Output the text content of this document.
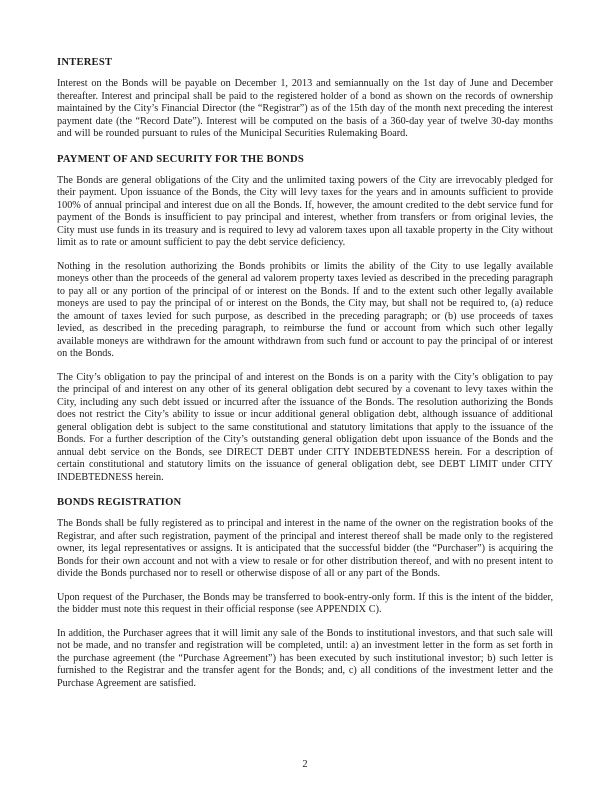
INTEREST

Interest on the Bonds will be payable on December 1, 2013 and semiannually on the 1st day of June and December thereafter. Interest and principal shall be paid to the registered holder of a bond as shown on the records of ownership maintained by the City’s Financial Director (the “Registrar”) as of the 15th day of the month next preceding the interest payment date (the “Record Date”). Interest will be computed on the basis of a 360-day year of twelve 30-day months and will be rounded pursuant to rules of the Municipal Securities Rulemaking Board.

PAYMENT OF AND SECURITY FOR THE BONDS

The Bonds are general obligations of the City and the unlimited taxing powers of the City are irrevocably pledged for their payment. Upon issuance of the Bonds, the City will levy taxes for the years and in amounts sufficient to provide 100% of annual principal and interest due on all the Bonds. If, however, the amount credited to the debt service fund for payment of the Bonds is insufficient to pay principal and interest, whether from transfers or from original levies, the City must use funds in its treasury and is required to levy ad valorem taxes upon all taxable property in the City without limit as to rate or amount sufficient to pay the debt service deficiency.

Nothing in the resolution authorizing the Bonds prohibits or limits the ability of the City to use legally available moneys other than the proceeds of the general ad valorem property taxes levied as described in the preceding paragraph to pay all or any portion of the principal of or interest on the Bonds. If and to the extent such other legally available moneys are used to pay the principal of or interest on the Bonds, the City may, but shall not be required to, (a) reduce the amount of taxes levied for such purpose, as described in the preceding paragraph; or (b) use proceeds of taxes levied, as described in the preceding paragraph, to reimburse the fund or account from which such other legally available moneys are withdrawn for the amount withdrawn from such fund or account to pay the principal of or interest on the Bonds.

The City’s obligation to pay the principal of and interest on the Bonds is on a parity with the City’s obligation to pay the principal of and interest on any other of its general obligation debt secured by a covenant to levy taxes within the City, including any such debt issued or incurred after the issuance of the Bonds. The resolution authorizing the Bonds does not restrict the City’s ability to issue or incur additional general obligation debt, although issuance of additional general obligation debt is subject to the same constitutional and statutory limitations that apply to the issuance of the Bonds. For a further description of the City’s outstanding general obligation debt upon issuance of the Bonds and the annual debt service on the Bonds, see DIRECT DEBT under CITY INDEBTEDNESS herein. For a description of certain constitutional and statutory limits on the issuance of general obligation debt, see DEBT LIMIT under CITY INDEBTEDNESS herein.

BONDS REGISTRATION

The Bonds shall be fully registered as to principal and interest in the name of the owner on the registration books of the Registrar, and after such registration, payment of the principal and interest thereof shall be made only to the registered owner, its legal representatives or assigns. It is anticipated that the successful bidder (the “Purchaser”) is acquiring the Bonds for their own account and not with a view to resale or for other distribution thereof, and with no present intent to divide the Bonds purchased nor to resell or otherwise dispose of all or any part of the Bonds.

Upon request of the Purchaser, the Bonds may be transferred to book-entry-only form. If this is the intent of the bidder, the bidder must note this request in their official response (see APPENDIX C).

In addition, the Purchaser agrees that it will limit any sale of the Bonds to institutional investors, and that such sale will not be made, and no transfer and registration will be completed, until: a) an investment letter in the form as set forth in the purchase agreement (the “Purchase Agreement”) has been executed by such institutional investor; b) such letter is furnished to the Registrar and the transfer agent for the Bonds; and, c) all conditions of the investment letter and the Purchase Agreement are satisfied.

2
